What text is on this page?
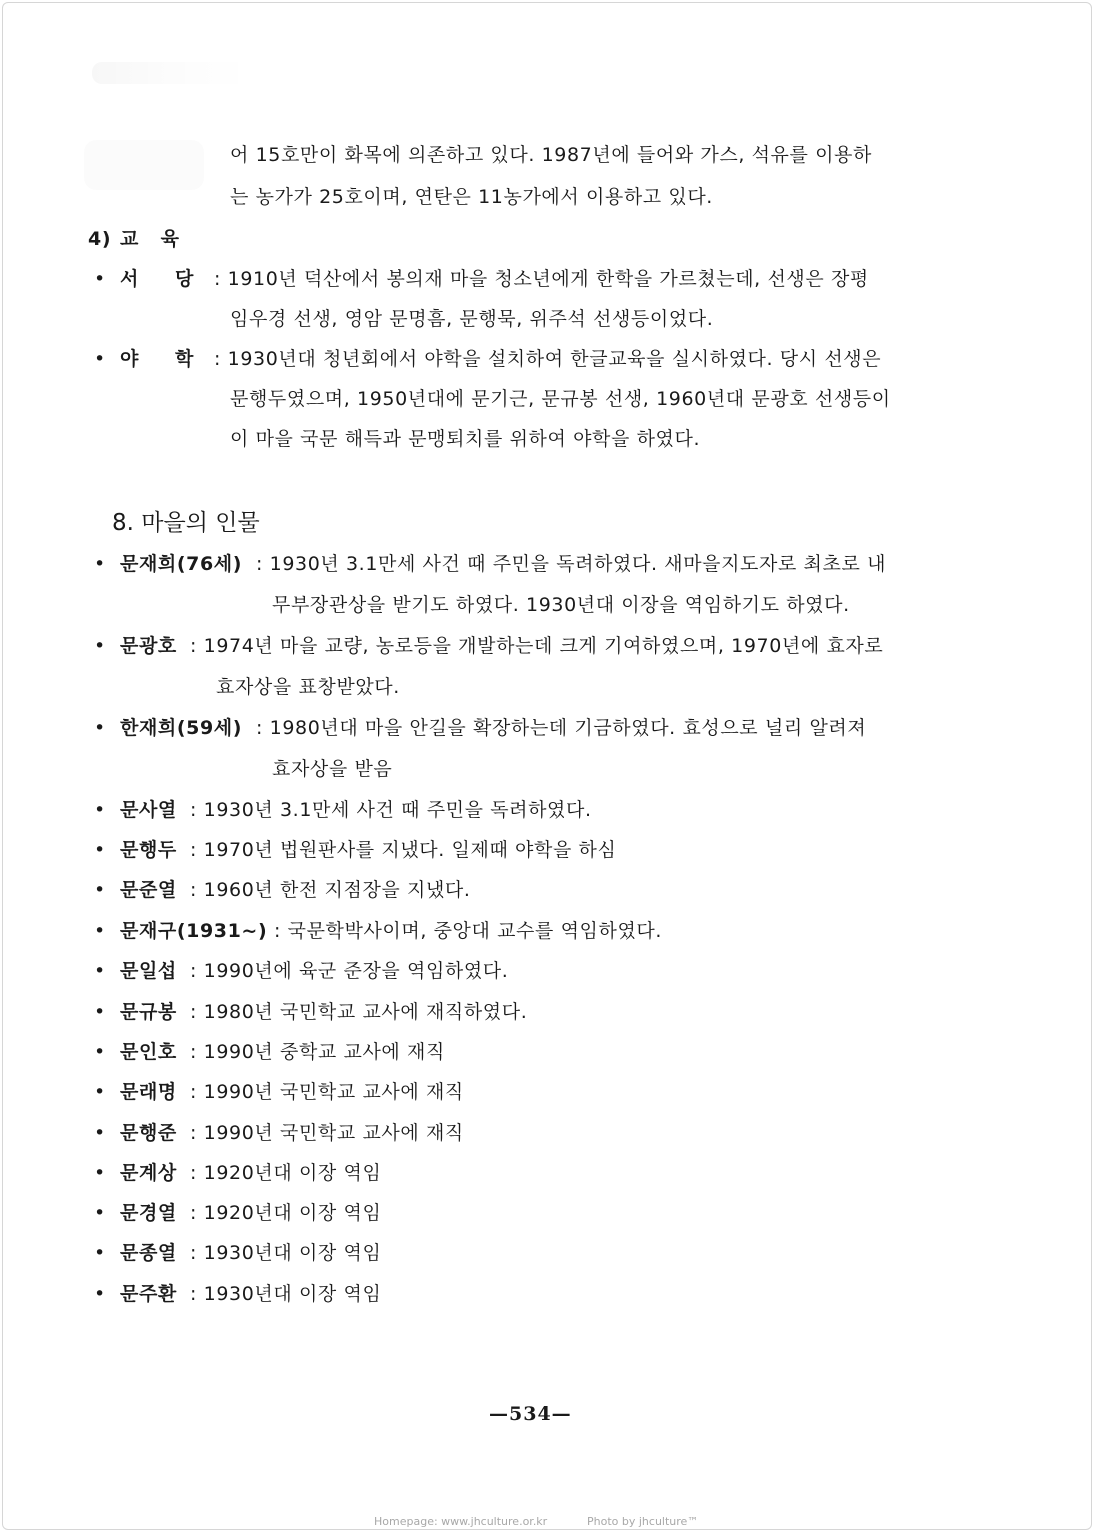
어 15호만이 화목에 의존하고 있다. 1987년에 들어와 가스, 석유를 이용하
는 농가가 25호이며, 연탄은 11농가에서 이용하고 있다.
4) 교   육
• 서     당 : 1910년 덕산에서 봉의재 마을 청소년에게 한학을 가르쳤는데, 선생은 장평
임우경 선생, 영암 문명흠, 문행묵, 위주석 선생등이었다.
• 야     학 : 1930년대 청년회에서 야학을 설치하여 한글교육을 실시하였다. 당시 선생은
문행두였으며, 1950년대에 문기근, 문규봉 선생, 1960년대 문광호 선생등이
이 마을 국문 해득과 문맹퇴치를 위하여 야학을 하였다.
8. 마을의 인물
• 문재희(76세) : 1930년 3.1만세 사건 때 주민을 독려하였다. 새마을지도자로 최초로 내
무부장관상을 받기도 하였다. 1930년대 이장을 역임하기도 하였다.
• 문광호 : 1974년 마을 교량, 농로등을 개발하는데 크게 기여하였으며, 1970년에 효자로
효자상을 표창받았다.
• 한재희(59세) : 1980년대 마을 안길을 확장하는데 기금하였다. 효성으로 널리 알려져
효자상을 받음
• 문사열 : 1930년 3.1만세 사건 때 주민을 독려하였다.
• 문행두 : 1970년 법원판사를 지냈다. 일제때 야학을 하심
• 문준열 : 1960년 한전 지점장을 지냈다.
• 문재구(1931~) : 국문학박사이며, 중앙대 교수를 역임하였다.
• 문일섭 : 1990년에 육군 준장을 역임하였다.
• 문규봉 : 1980년 국민학교 교사에 재직하였다.
• 문인호 : 1990년 중학교 교사에 재직
• 문래명 : 1990년 국민학교 교사에 재직
• 문행준 : 1990년 국민학교 교사에 재직
• 문계상 : 1920년대 이장 역임
• 문경열 : 1920년대 이장 역임
• 문종열 : 1930년대 이장 역임
• 문주환 : 1930년대 이장 역임
—534—
Homepage: www.jhculture.or.kr	Photo by jhculture™
